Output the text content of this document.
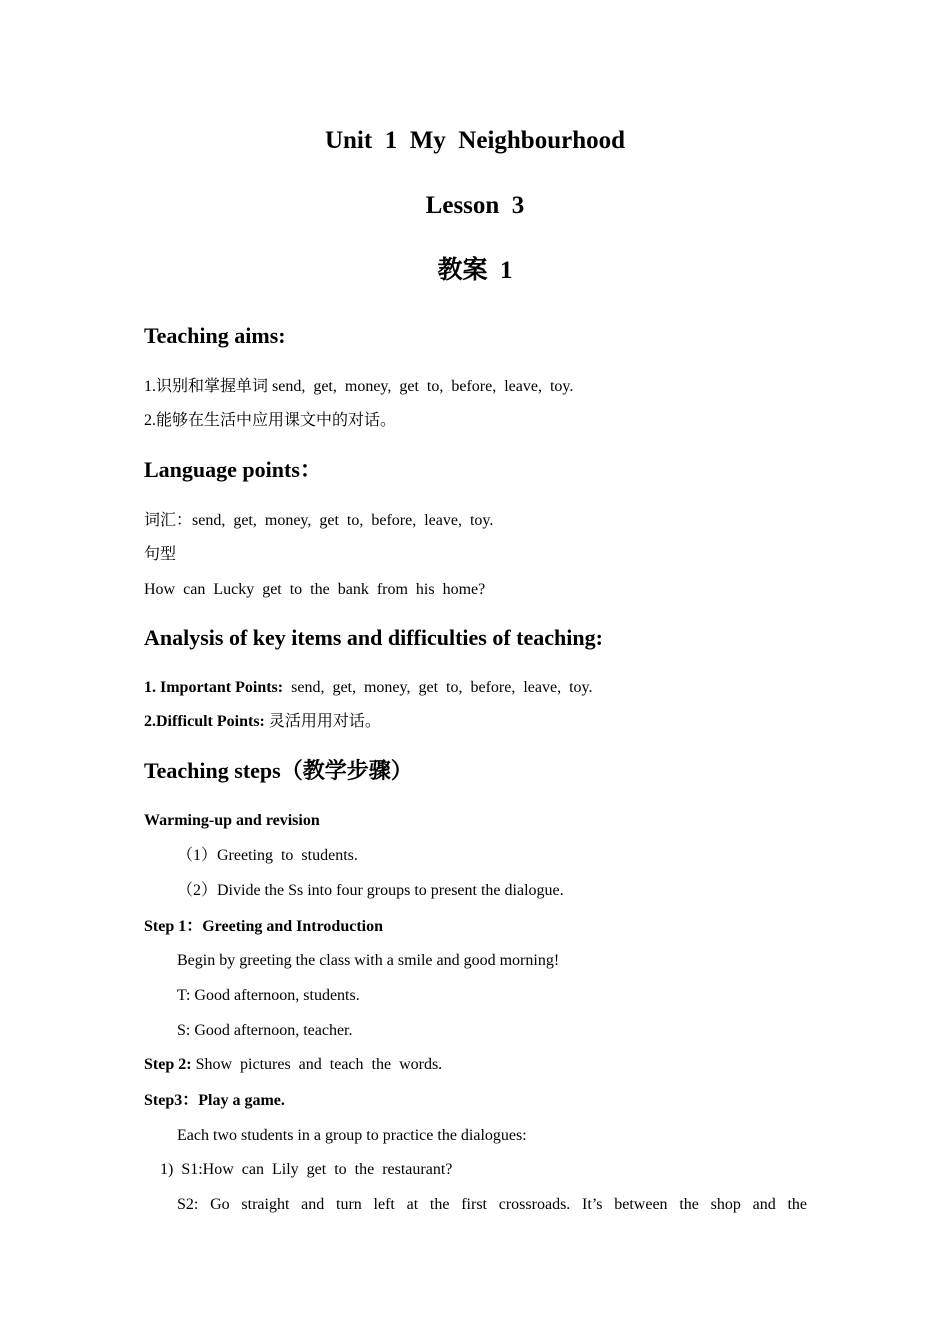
Unit  1  My  Neighbourhood
Lesson  3
教案  1
Teaching aims:
1.识别和掌握单词 send,  get,  money,  get  to,  before,  leave,  toy.
2.能够在生活中应用课文中的对话。
Language points：
词汇：send,  get,  money,  get  to,  before,  leave,  toy.
句型
How  can  Lucky  get  to  the  bank  from  his  home?
Analysis of key items and difficulties of teaching:
1. Important Points:  send,  get,  money,  get  to,  before,  leave,  toy.
2.Difficult Points: 灵活用用对话。
Teaching steps（教学步骤）
Warming-up and revision
（1）Greeting  to  students.
（2）Divide the Ss into four groups to present the dialogue.
Step 1：Greeting and Introduction
Begin by greeting the class with a smile and good morning!
T: Good afternoon, students.
S: Good afternoon, teacher.
Step 2: Show  pictures  and  teach  the  words.
Step3：Play a game.
Each two students in a group to practice the dialogues:
1)  S1:How  can  Lily  get  to  the  restaurant?
S2: Go straight and turn left at the first crossroads. It’s between the shop and the
